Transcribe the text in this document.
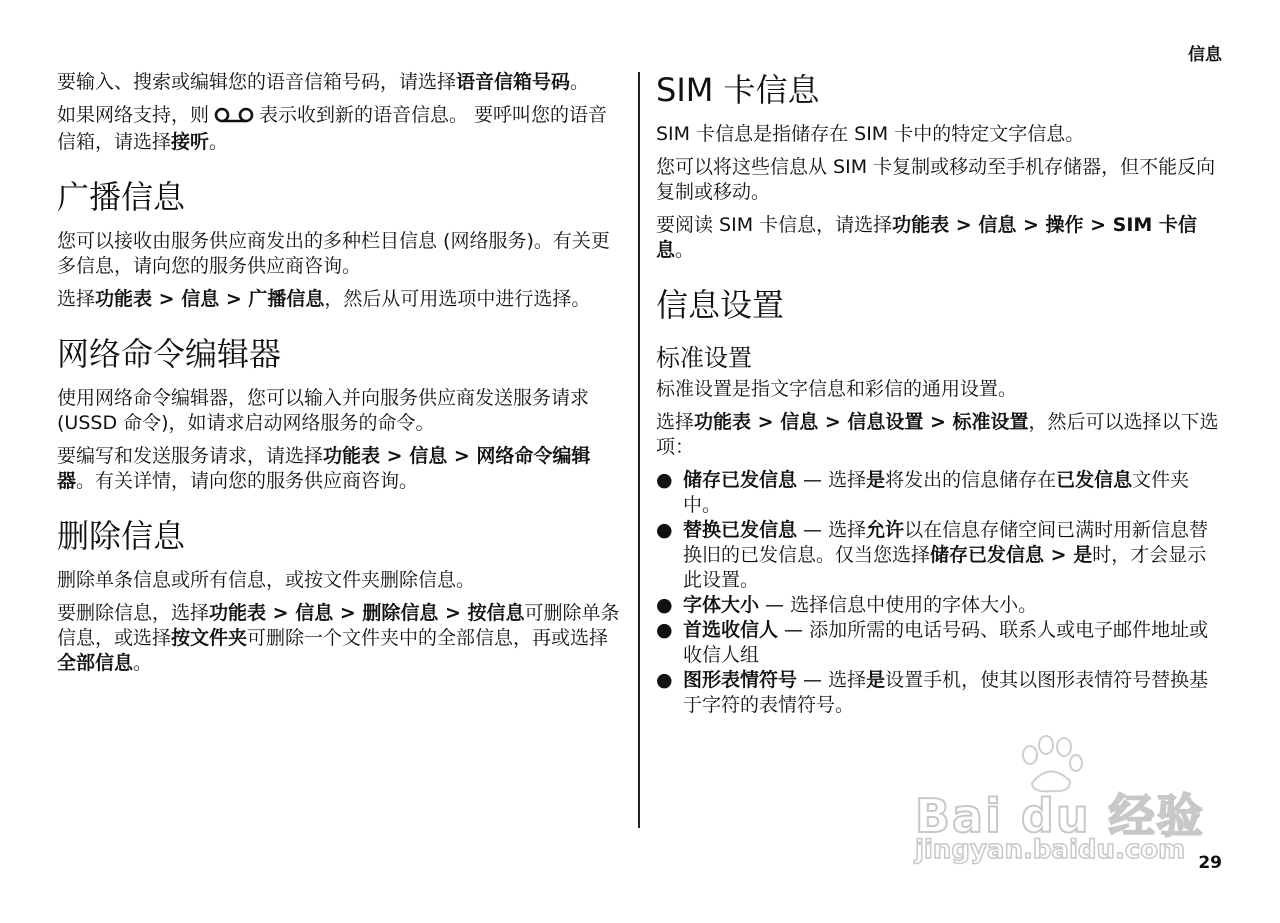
信息

要输入、搜索或编辑您的语音信箱号码，请选择语音信箱号码。

如果网络支持，则	表示收到新的语音信息。 要呼叫您的语音信箱，请选择接听。

广播信息

您可以接收由服务供应商发出的多种栏目信息 (网络服务)。有关更多信息，请向您的服务供应商咨询。

选择功能表 > 信息 > 广播信息，然后从可用选项中进行选择。

网络命令编辑器

使用网络命令编辑器，您可以输入并向服务供应商发送服务请求 (USSD 命令)，如请求启动网络服务的命令。

要编写和发送服务请求，请选择功能表 > 信息 > 网络命令编辑器。有关详情，请向您的服务供应商咨询。

删除信息

删除单条信息或所有信息，或按文件夹删除信息。

要删除信息，选择功能表 > 信息 > 删除信息 > 按信息可删除单条信息，或选择按文件夹可删除一个文件夹中的全部信息，再或选择全部信息。

SIM 卡信息

SIM 卡信息是指储存在 SIM 卡中的特定文字信息。

您可以将这些信息从 SIM 卡复制或移动至手机存储器，但不能反向复制或移动。

要阅读 SIM 卡信息，请选择功能表 > 信息 > 操作 > SIM 卡信息。

信息设置
标准设置

标准设置是指文字信息和彩信的通用设置。

选择功能表 > 信息 > 信息设置 > 标准设置，然后可以选择以下选项：

● 储存已发信息 — 选择是将发出的信息储存在已发信息文件夹中。
● 替换已发信息 — 选择允许以在信息存储空间已满时用新信息替换旧的已发信息。仅当您选择储存已发信息 > 是时，才会显示此设置。
● 字体大小 — 选择信息中使用的字体大小。
● 首选收信人 — 添加所需的电话号码、联系人或电子邮件地址或收信人组
● 图形表情符号 — 选择是设置手机，使其以图形表情符号替换基于字符的表情符号。
Bai du 经验
jingyan.baidu.com 29
